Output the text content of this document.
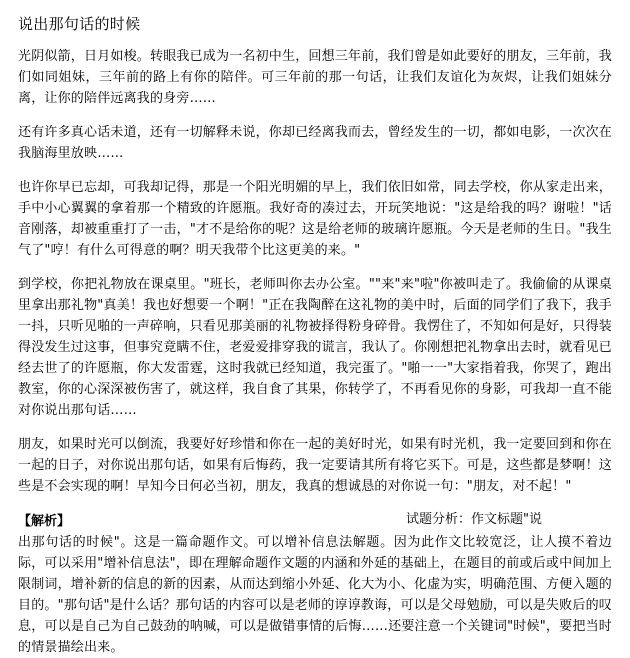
说出那句话的时候

光阴似箭，日月如梭。转眼我已成为一名初中生，回想三年前，我们曾是如此要好的朋友，三年前，我们如同姐妹，三年前的路上有你的陪伴。可三年前的那一句话，让我们友谊化为灰烬，让我们姐妹分离，让你的陪伴远离我的身旁……

还有许多真心话未道，还有一切解释未说，你却已经离我而去，曾经发生的一切，都如电影，一次次在我脑海里放映……

也许你早已忘却，可我却记得，那是一个阳光明媚的早上，我们依旧如常，同去学校，你从家走出来，手中小心翼翼的拿着那一个精致的许愿瓶。我好奇的凑过去，开玩笑地说："这是给我的吗？谢啦！"话音刚落，却被重重打了一击，"才不是给你的呢？这是给老师的玻璃许愿瓶。今天是老师的生日。"我生气了"哼！有什么可得意的啊？明天我带个比这更美的来。"

到学校，你把礼物放在课桌里。"班长，老师叫你去办公室。""来"来"啦"你被叫走了。我偷偷的从课桌里拿出那礼物"真美！我也好想要一个啊！"正在我陶醉在这礼物的美中时，后面的同学们了我下，我手一抖，只听见啪的一声碎响，只看见那美丽的礼物被择得粉身碎骨。我愣住了，不知如何是好，只得装得没发生过这事，但事究竟瞒不住，老爱爱排穿我的谎言，我认了。你刚想把礼物拿出去时，就看见已经去世了的许愿瓶，你大发雷霆，这时我就已经知道，我完蛋了。"啪一一"大家指着我，你哭了，跑出教室，你的心深深被伤害了，就这样，我自食了其果，你转学了，不再看见你的身影，可我却一直不能对你说出那句话……

朋友，如果时光可以倒流，我要好好珍惜和你在一起的美好时光，如果有时光机，我一定要回到和你在一起的日子，对你说出那句话，如果有后悔药，我一定要请其所有将它买下。可是，这些都是梦啊！这些是不会实现的啊！早知今日何必当初，朋友，我真的想诚恳的对你说一句："朋友，对不起！"

【解析】	试题分析：作文标题"说

出那句话的时候"。这是一篇命题作文。可以增补信息法解题。因为此作文比较宽泛，让人摸不着边际，可以采用"增补信息法"，即在理解命题作文题的内涵和外延的基础上，在题目的前或后或中间加上限制词，增补新的信息的新的因素，从而达到缩小外延、化大为小、化虚为实，明确范围、方便入题的目的。"那句话"是什么话？那句话的内容可以是老师的谆谆教诲，可以是父母勉励，可以是失败后的叹息，可以是自己为自己鼓劲的呐喊，可以是做错事情的后悔……还要注意一个关键词"时候"，要把当时的情景描绘出来。
